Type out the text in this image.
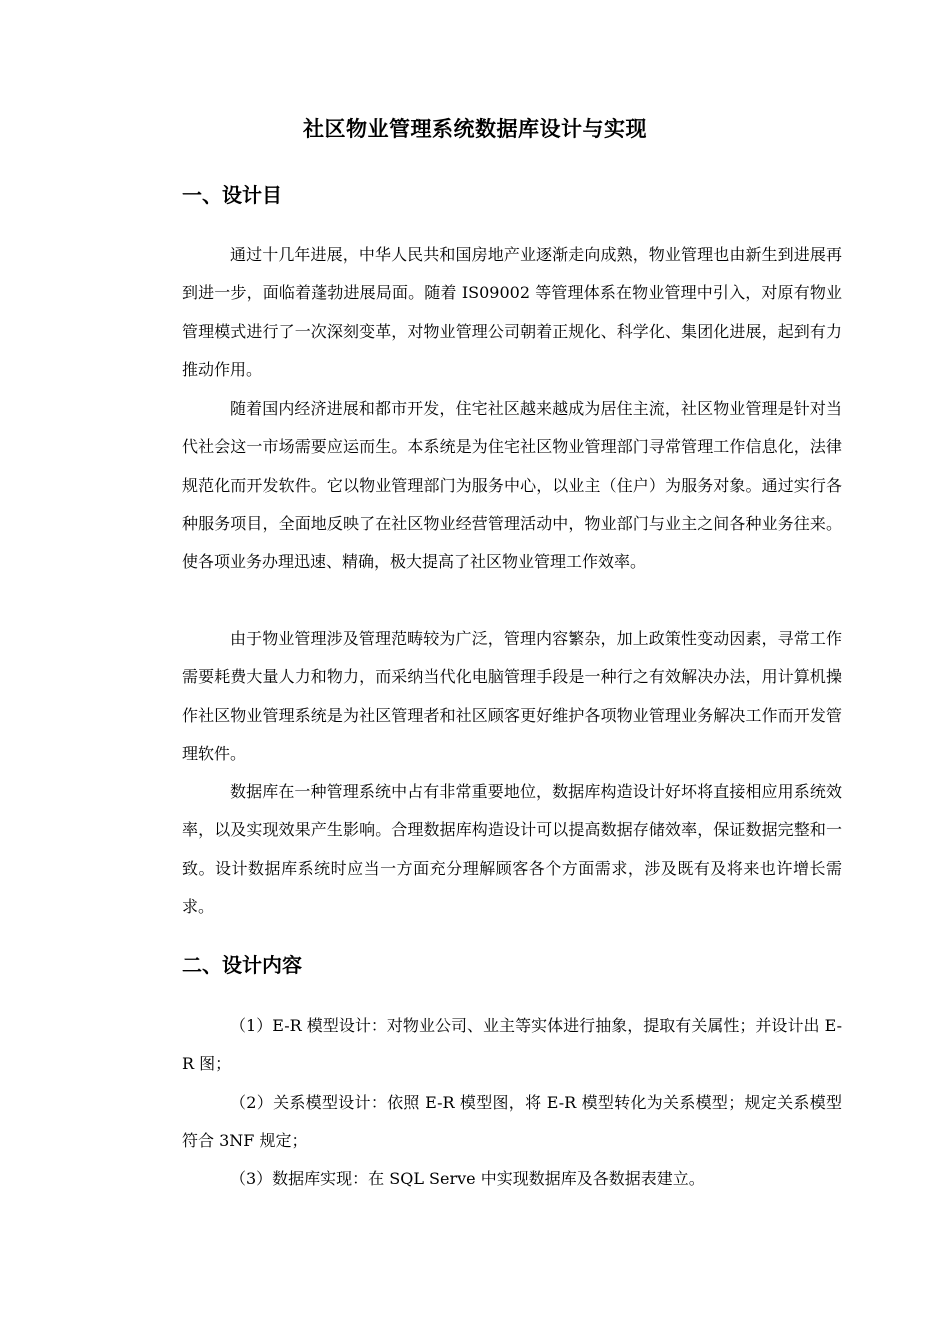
社区物业管理系统数据库设计与实现
一、设计目

通过十几年进展，中华人民共和国房地产业逐渐走向成熟，物业管理也由新生到进展再到进一步，面临着蓬勃进展局面。随着 IS09002 等管理体系在物业管理中引入，对原有物业管理模式进行了一次深刻变革，对物业管理公司朝着正规化、科学化、集团化进展，起到有力推动作用。

随着国内经济进展和都市开发，住宅社区越来越成为居住主流，社区物业管理是针对当代社会这一市场需要应运而生。本系统是为住宅社区物业管理部门寻常管理工作信息化，法律规范化而开发软件。它以物业管理部门为服务中心，以业主（住户）为服务对象。通过实行各种服务项目，全面地反映了在社区物业经营管理活动中，物业部门与业主之间各种业务往来。使各项业务办理迅速、精确，极大提高了社区物业管理工作效率。

由于物业管理涉及管理范畴较为广泛，管理内容繁杂，加上政策性变动因素，寻常工作需要耗费大量人力和物力，而采纳当代化电脑管理手段是一种行之有效解决办法，用计算机操作社区物业管理系统是为社区管理者和社区顾客更好维护各项物业管理业务解决工作而开发管理软件。

数据库在一种管理系统中占有非常重要地位，数据库构造设计好坏将直接相应用系统效率，以及实现效果产生影响。合理数据库构造设计可以提高数据存储效率，保证数据完整和一致。设计数据库系统时应当一方面充分理解顾客各个方面需求，涉及既有及将来也许增长需求。

二、设计内容

（1）E-R 模型设计：对物业公司、业主等实体进行抽象，提取有关属性；并设计出 E-R 图；

（2）关系模型设计：依照 E-R 模型图，将 E-R 模型转化为关系模型；规定关系模型符合 3NF 规定；

（3）数据库实现：在 SQL Serve 中实现数据库及各数据表建立。
